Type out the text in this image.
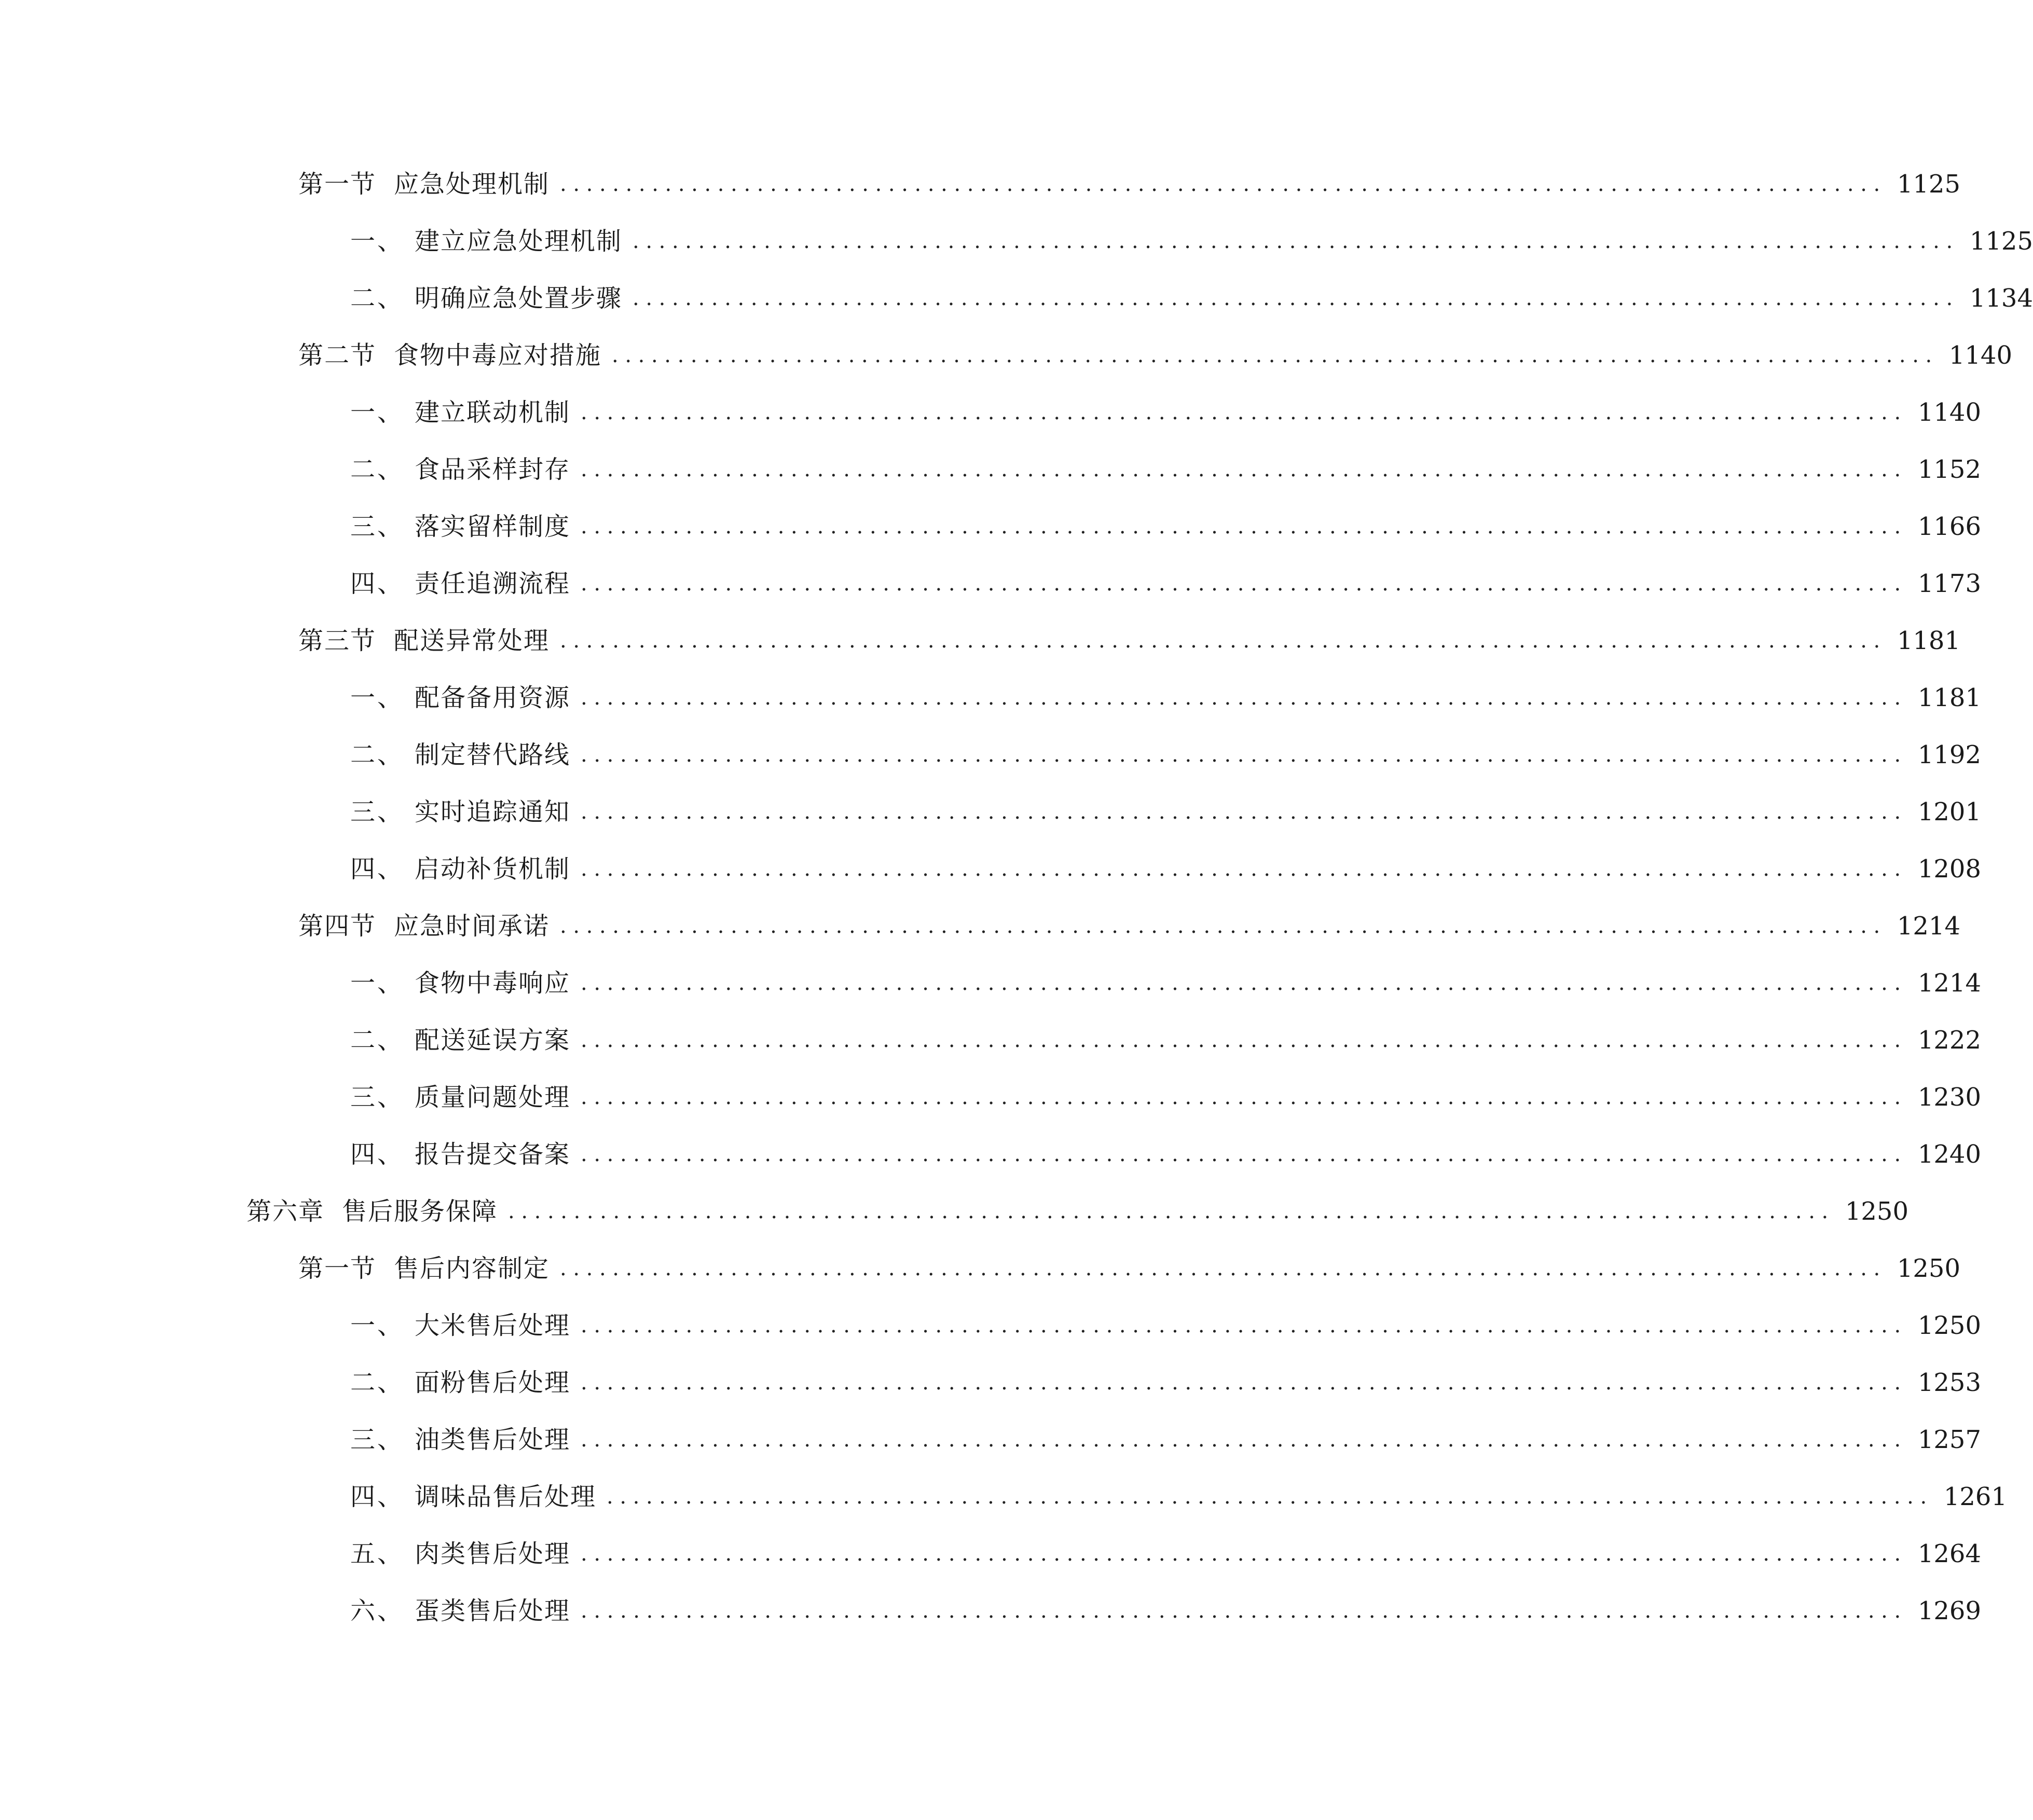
第一节 应急处理机制 ..................................................................................................... 1125
一、 建立应急处理机制 ..................................................................................................... 1125
二、 明确应急处置步骤 ..................................................................................................... 1134
第二节 食物中毒应对措施 ..................................................................................................... 1140
一、 建立联动机制 ..................................................................................................... 1140
二、 食品采样封存 ..................................................................................................... 1152
三、 落实留样制度 ..................................................................................................... 1166
四、 责任追溯流程 ..................................................................................................... 1173
第三节 配送异常处理 ..................................................................................................... 1181
一、 配备备用资源 ..................................................................................................... 1181
二、 制定替代路线 ..................................................................................................... 1192
三、 实时追踪通知 ..................................................................................................... 1201
四、 启动补货机制 ..................................................................................................... 1208
第四节 应急时间承诺 ..................................................................................................... 1214
一、 食物中毒响应 ..................................................................................................... 1214
二、 配送延误方案 ..................................................................................................... 1222
三、 质量问题处理 ..................................................................................................... 1230
四、 报告提交备案 ..................................................................................................... 1240
第六章 售后服务保障 ..................................................................................................... 1250
第一节 售后内容制定 ..................................................................................................... 1250
一、 大米售后处理 ..................................................................................................... 1250
二、 面粉售后处理 ..................................................................................................... 1253
三、 油类售后处理 ..................................................................................................... 1257
四、 调味品售后处理 ..................................................................................................... 1261
五、 肉类售后处理 ..................................................................................................... 1264
六、 蛋类售后处理 ..................................................................................................... 1269
